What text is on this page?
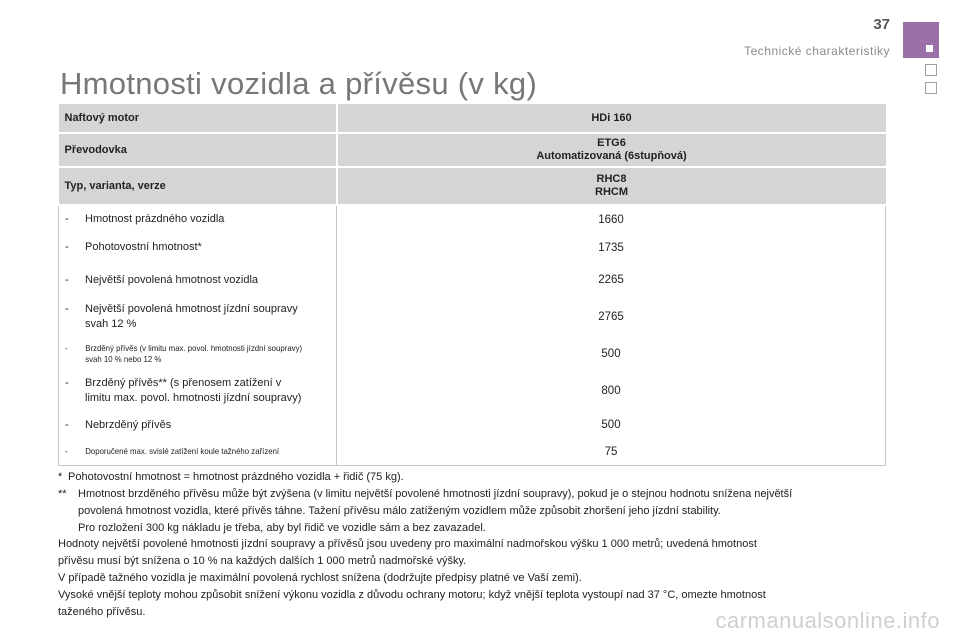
37
Technické charakteristiky
Hmotnosti vozidla a přívěsu (v kg)
Naftový motor	HDi 160

Převodovka	ETG6
Automatizovaná (6stupňová)

Typ, varianta, verze	RHC8
RHCM

- Hmotnost prázdného vozidla	1660

- Pohotovostní hmotnost*	1735

- Největší povolená hmotnost vozidla	2265

- Největší povolená hmotnost jízdní soupravy
svah 12 %	2765

- Brzděný přívěs (v limitu max. povol. hmotnosti jízdní soupravy)
svah 10 % nebo 12 %	500

- Brzděný přívěs** (s přenosem zatížení v
limitu max. povol. hmotnosti jízdní soupravy)	800

- Nebrzděný přívěs	500

- Doporučené max. svislé zatížení koule tažného zařízení	75
* Pohotovostní hmotnost = hmotnost prázdného vozidla + řidič (75 kg).
**	Hmotnost brzděného přívěsu může být zvýšena (v limitu největší povolené hmotnosti jízdní soupravy), pokud je o stejnou hodnotu snížena největší
povolená hmotnost vozidla, které přívěs táhne. Tažení přívěsu málo zatíženým vozidlem může způsobit zhoršení jeho jízdní stability.
Pro rozložení 300 kg nákladu je třeba, aby byl řidič ve vozidle sám a bez zavazadel.
Hodnoty největší povolené hmotnosti jízdní soupravy a přívěsů jsou uvedeny pro maximální nadmořskou výšku 1 000 metrů; uvedená hmotnost
přívěsu musí být snížena o 10 % na každých dalších 1 000 metrů nadmořské výšky.
V případě tažného vozidla je maximální povolená rychlost snížena (dodržujte předpisy platné ve Vaší zemi).
Vysoké vnější teploty mohou způsobit snížení výkonu vozidla z důvodu ochrany motoru; když vnější teplota vystoupí nad 37 °C, omezte hmotnost
taženého přívěsu.	carmanualsonline.info
